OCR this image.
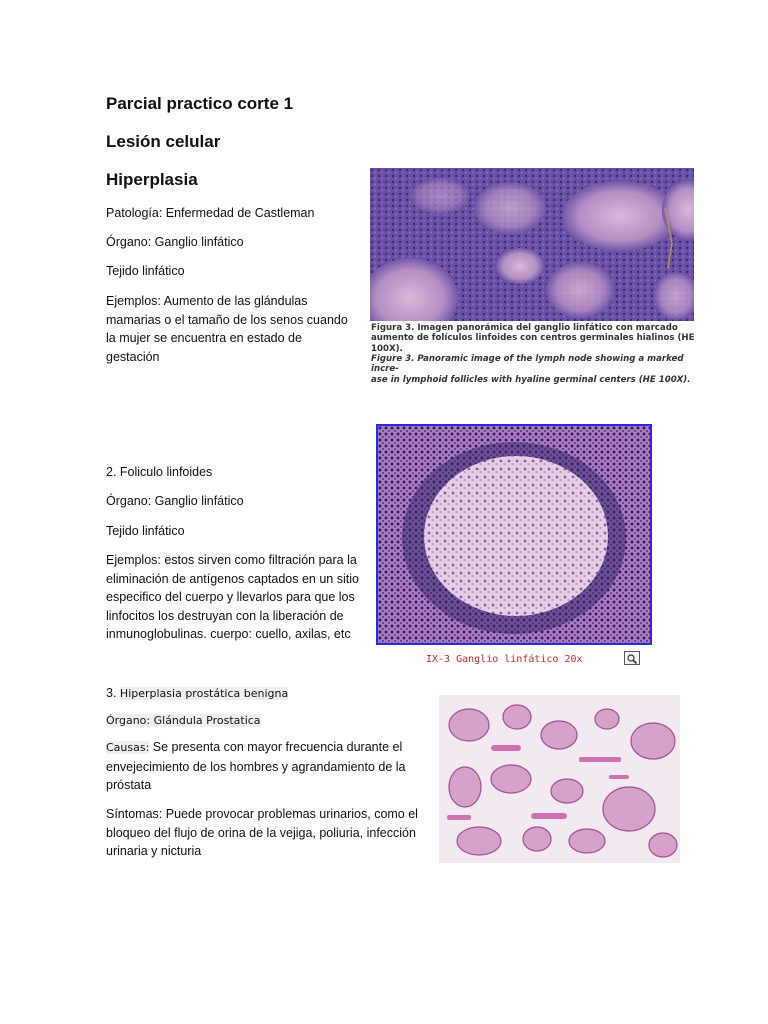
Parcial practico corte 1
Lesión celular
Hiperplasia
Patología: Enfermedad de Castleman
Órgano: Ganglio linfático
Tejido linfático
Ejemplos: Aumento de las glándulas
mamarias o el tamaño de los senos cuando
la mujer se encuentra en estado de
gestación
Figura 3. Imagen panorámica del ganglio linfático con marcado
aumento de folículos linfoides con centros germinales hialinos (HE
100X).
Figure 3. Panoramic image of the lymph node showing a marked incre-
ase in lymphoid follicles with hyaline germinal centers (HE 100X).
2. Foliculo linfoides
Órgano: Ganglio linfático
Tejido linfático
Ejemplos: estos sirven como filtración para la
eliminación de antígenos captados en un sitio
especifico del cuerpo y llevarlos para que los
linfocitos los destruyan con la liberación de
inmunoglobulinas. cuerpo: cuello, axilas, etc
IX-3 Ganglio linfático 20x
3. Hiperplasia prostática benigna
Órgano: Glándula Prostatica
Causas: Se presenta con mayor frecuencia durante el
envejecimiento de los hombres y agrandamiento de la
próstata
Síntomas: Puede provocar problemas urinarios, como el
bloqueo del flujo de orina de la vejiga, poliuria, infección
urinaria y nicturia
